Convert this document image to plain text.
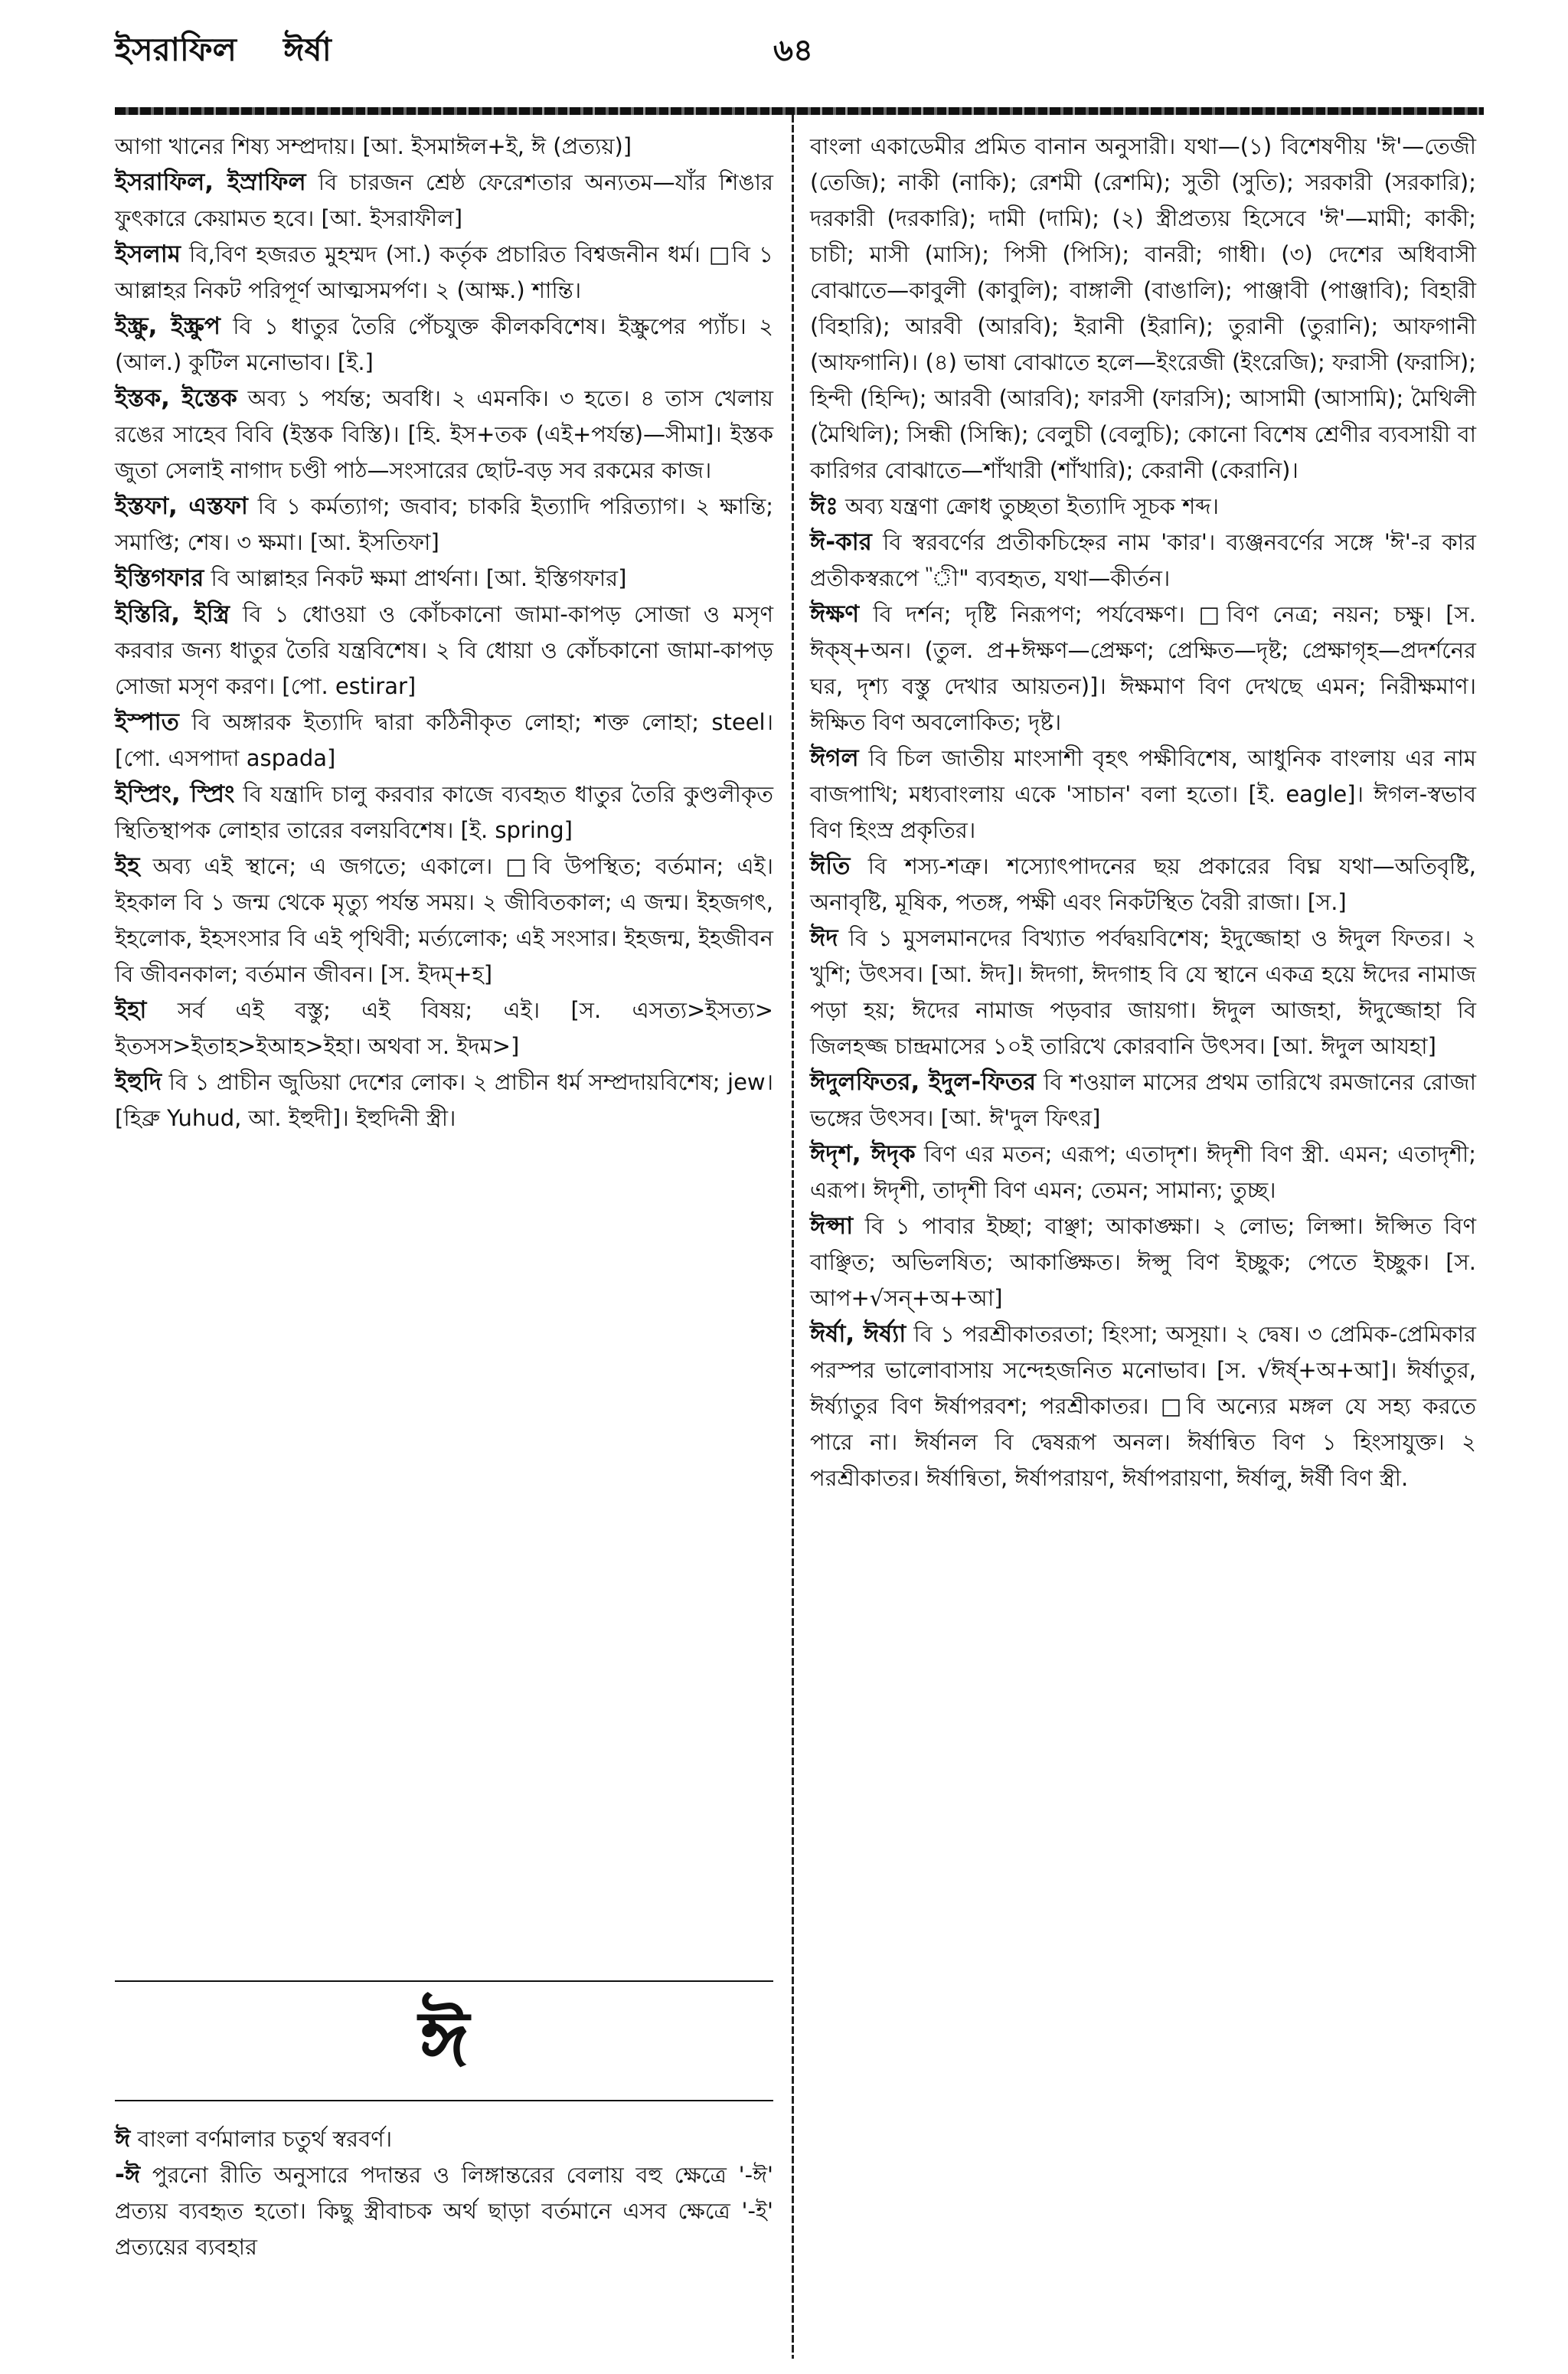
ইসরাফিল ঈর্ষা	৬৪

আগা খানের শিষ্য সম্প্রদায়। [আ. ইসমাঈল+ই, ঈ (প্রত্যয়)]

ইসরাফিল, ইস্রাফিল বি চারজন শ্রেষ্ঠ ফেরেশতার অন্যতম—যাঁর শিঙার ফুৎকারে কেয়ামত হবে। [আ. ইসরাফীল]

ইসলাম বি,বিণ হজরত মুহম্মদ (সা.) কর্তৃক প্রচারিত বিশ্বজনীন ধর্ম। □বি ১ আল্লাহর নিকট পরিপূর্ণ আত্মসমর্পণ। ২ (আক্ষ.) শান্তি।

ইস্ক্রু, ইস্ক্রুপ বি ১ ধাতুর তৈরি পেঁচযুক্ত কীলকবিশেষ। ইস্ক্রুপের প্যাঁচ। ২ (আল.) কুটিল মনোভাব। [ই.]

ইস্তক, ইস্তেক অব্য ১ পর্যন্ত; অবধি। ২ এমনকি। ৩ হতে। ৪ তাস খেলায় রঙের সাহেব বিবি (ইস্তক বিস্তি)। [হি. ইস+তক (এই+পর্যন্ত)—সীমা]। ইস্তক জুতা সেলাই নাগাদ চণ্ডী পাঠ—সংসারের ছোট-বড় সব রকমের কাজ।

ইস্তফা, এস্তফা বি ১ কর্মত্যাগ; জবাব; চাকরি ইত্যাদি পরিত্যাগ। ২ ক্ষান্তি; সমাপ্তি; শেষ। ৩ ক্ষমা। [আ. ইসতিফা]

ইস্তিগফার বি আল্লাহর নিকট ক্ষমা প্রার্থনা। [আ. ইস্তিগফার]

ইস্তিরি, ইস্ত্রি বি ১ ধোওয়া ও কোঁচকানো জামা-কাপড় সোজা ও মসৃণ করবার জন্য ধাতুর তৈরি যন্ত্রবিশেষ। ২ বি ধোয়া ও কোঁচকানো জামা-কাপড় সোজা মসৃণ করণ। [পো. estirar]

ইস্পাত বি অঙ্গারক ইত্যাদি দ্বারা কঠিনীকৃত লোহা; শক্ত লোহা; steel। [পো. এসপাদা aspada]

ইস্প্রিং, স্প্রিং বি যন্ত্রাদি চালু করবার কাজে ব্যবহৃত ধাতুর তৈরি কুণ্ডলীকৃত স্থিতিস্থাপক লোহার তারের বলয়বিশেষ। [ই. spring]

ইহ অব্য এই স্থানে; এ জগতে; একালে। □বি উপস্থিত; বর্তমান; এই। ইহকাল বি ১ জন্ম থেকে মৃত্যু পর্যন্ত সময়। ২ জীবিতকাল; এ জন্ম। ইহজগৎ, ইহলোক, ইহসংসার বি এই পৃথিবী; মর্ত্যলোক; এই সংসার। ইহজন্ম, ইহজীবন বি জীবনকাল; বর্তমান জীবন। [স. ইদম্+হ]

ইহা সর্ব এই বস্তু; এই বিষয়; এই। [স. এসত্য>ইসত্য> ইতসস>ইতাহ>ইআহ>ইহা। অথবা স. ইদম>]

ইহুদি বি ১ প্রাচীন জুডিয়া দেশের লোক। ২ প্রাচীন ধর্ম সম্প্রদায়বিশেষ; jew। [হিব্রু Yuhud, আ. ইহুদী]। ইহুদিনী স্ত্রী।

ঈ

ঈ বাংলা বর্ণমালার চতুর্থ স্বরবর্ণ।

-ঈ পুরনো রীতি অনুসারে পদান্তর ও লিঙ্গান্তরের বেলায় বহু ক্ষেত্রে '-ঈ' প্রত্যয় ব্যবহৃত হতো। কিছু স্ত্রীবাচক অর্থ ছাড়া বর্তমানে এসব ক্ষেত্রে '-ই' প্রত্যয়ের ব্যবহার

বাংলা একাডেমীর প্রমিত বানান অনুসারী। যথা—(১) বিশেষণীয় 'ঈ'—তেজী (তেজি); নাকী (নাকি); রেশমী (রেশমি); সুতী (সুতি); সরকারী (সরকারি); দরকারী (দরকারি); দামী (দামি); (২) স্ত্রীপ্রত্যয় হিসেবে 'ঈ'—মামী; কাকী; চাচী; মাসী (মাসি); পিসী (পিসি); বানরী; গাধী। (৩) দেশের অধিবাসী বোঝাতে—কাবুলী (কাবুলি); বাঙ্গালী (বাঙালি); পাঞ্জাবী (পাঞ্জাবি); বিহারী (বিহারি); আরবী (আরবি); ইরানী (ইরানি); তুরানী (তুরানি); আফগানী (আফগানি)। (৪) ভাষা বোঝাতে হলে—ইংরেজী (ইংরেজি); ফরাসী (ফরাসি); হিন্দী (হিন্দি); আরবী (আরবি); ফারসী (ফারসি); আসামী (আসামি); মৈথিলী (মৈথিলি); সিন্ধী (সিন্ধি); বেলুচী (বেলুচি); কোনো বিশেষ শ্রেণীর ব্যবসায়ী বা কারিগর বোঝাতে—শাঁখারী (শাঁখারি); কেরানী (কেরানি)।

ঈঃ অব্য যন্ত্রণা ক্রোধ তুচ্ছতা ইত্যাদি সূচক শব্দ।

ঈ-কার বি স্বরবর্ণের প্রতীকচিহ্নের নাম 'কার'। ব্যঞ্জনবর্ণের সঙ্গে 'ঈ'-র কার প্রতীকস্বরূপে "ী" ব্যবহৃত, যথা—কীর্তন।

ঈক্ষণ বি দর্শন; দৃষ্টি নিরূপণ; পর্যবেক্ষণ। □বিণ নেত্র; নয়ন; চক্ষু। [স. ঈক্ষ্+অন। (তুল. প্র+ঈক্ষণ—প্রেক্ষণ; প্রেক্ষিত—দৃষ্ট; প্রেক্ষাগৃহ—প্রদর্শনের ঘর, দৃশ্য বস্তু দেখার আয়তন)]। ঈক্ষমাণ বিণ দেখছে এমন; নিরীক্ষমাণ। ঈক্ষিত বিণ অবলোকিত; দৃষ্ট।

ঈগল বি চিল জাতীয় মাংসাশী বৃহৎ পক্ষীবিশেষ, আধুনিক বাংলায় এর নাম বাজপাখি; মধ্যবাংলায় একে 'সাচান' বলা হতো। [ই. eagle]। ঈগল-স্বভাব বিণ হিংস্র প্রকৃতির।

ঈতি বি শস্য-শত্রু। শস্যোৎপাদনের ছয় প্রকারের বিঘ্ন যথা—অতিবৃষ্টি, অনাবৃষ্টি, মূষিক, পতঙ্গ, পক্ষী এবং নিকটস্থিত বৈরী রাজা। [স.]

ঈদ বি ১ মুসলমানদের বিখ্যাত পর্বদ্বয়বিশেষ; ইদুজ্জোহা ও ঈদুল ফিতর। ২ খুশি; উৎসব। [আ. ঈদ]। ঈদগা, ঈদগাহ বি যে স্থানে একত্র হয়ে ঈদের নামাজ পড়া হয়; ঈদের নামাজ পড়বার জায়গা। ঈদুল আজহা, ঈদুজ্জোহা বি জিলহজ্জ চান্দ্রমাসের ১০ই তারিখে কোরবানি উৎসব। [আ. ঈদুল আযহা]

ঈদুলফিতর, ইদুল-ফিতর বি শওয়াল মাসের প্রথম তারিখে রমজানের রোজা ভঙ্গের উৎসব। [আ. ঈ'দুল ফিৎর]

ঈদৃশ, ঈদৃক বিণ এর মতন; এরূপ; এতাদৃশ। ঈদৃশী বিণ স্ত্রী. এমন; এতাদৃশী; এরূপ। ঈদৃশী, তাদৃশী বিণ এমন; তেমন; সামান্য; তুচ্ছ।

ঈপ্সা বি ১ পাবার ইচ্ছা; বাঞ্ছা; আকাঙ্ক্ষা। ২ লোভ; লিপ্সা। ঈপ্সিত বিণ বাঞ্ছিত; অভিলষিত; আকাঙ্ক্ষিত। ঈপ্সু বিণ ইচ্ছুক; পেতে ইচ্ছুক। [স. আপ+√সন্+অ+আ]

ঈর্ষা, ঈর্ষ্যা বি ১ পরশ্রীকাতরতা; হিংসা; অসূয়া। ২ দ্বেষ। ৩ প্রেমিক-প্রেমিকার পরস্পর ভালোবাসায় সন্দেহজনিত মনোভাব। [স. √ঈর্ষ্+অ+আ]। ঈর্ষাতুর, ঈর্ষ্যাতুর বিণ ঈর্ষাপরবশ; পরশ্রীকাতর। □বি অন্যের মঙ্গল যে সহ্য করতে পারে না। ঈর্ষানল বি দ্বেষরূপ অনল। ঈর্ষান্বিত বিণ ১ হিংসাযুক্ত। ২ পরশ্রীকাতর। ঈর্ষান্বিতা, ঈর্ষাপরায়ণ, ঈর্ষাপরায়ণা, ঈর্ষালু, ঈর্ষী বিণ স্ত্রী.
